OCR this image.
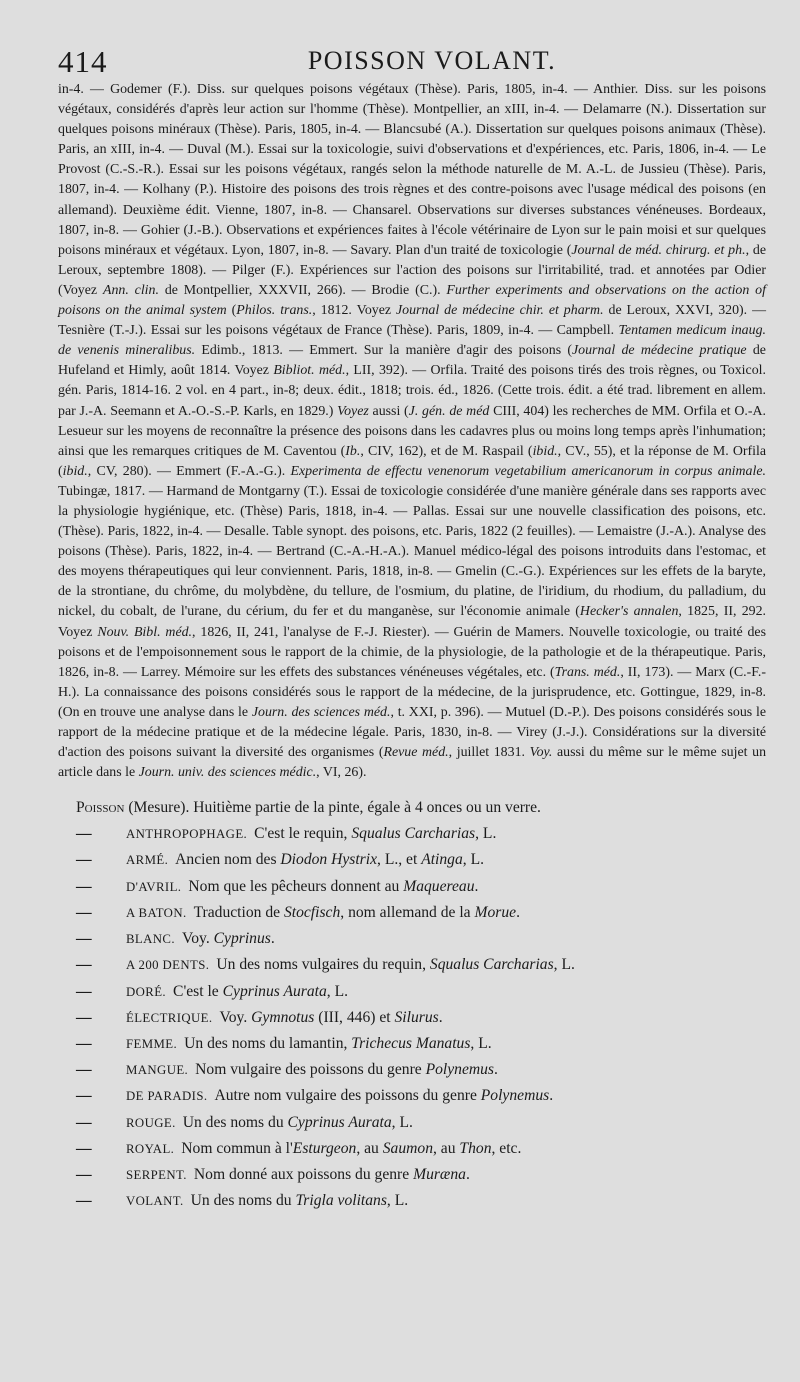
414	POISSON VOLANT.

in-4. — Godemer (F.). Diss. sur quelques poisons végétaux (Thèse). Paris, 1805, in-4. — Anthier. Diss. sur les poisons végétaux, considérés d'après leur action sur l'homme (Thèse). Montpellier, an xIII, in-4. — Delamarre (N.). Dissertation sur quelques poisons minéraux (Thèse). Paris, 1805, in-4. — Blancsubé (A.). Dissertation sur quelques poisons animaux (Thèse). Paris, an xIII, in-4. — Duval (M.). Essai sur la toxicologie, suivi d'observations et d'expériences, etc. Paris, 1806, in-4. — Le Provost (C.-S.-R.). Essai sur les poisons végétaux, rangés selon la méthode naturelle de M. A.-L. de Jussieu (Thèse). Paris, 1807, in-4. — Kolhany (P.). Histoire des poisons des trois règnes et des contre-poisons avec l'usage médical des poisons (en allemand). Deuxième édit. Vienne, 1807, in-8. — Chansarel. Observations sur diverses substances vénéneuses. Bordeaux, 1807, in-8. — Gohier (J.-B.). Observations et expériences faites à l'école vétérinaire de Lyon sur le pain moisi et sur quelques poisons minéraux et végétaux. Lyon, 1807, in-8. — Savary. Plan d'un traité de toxicologie (Journal de méd. chirurg. et ph., de Leroux, septembre 1808). — Pilger (F.). Expériences sur l'action des poisons sur l'irritabilité, trad. et annotées par Odier (Voyez Ann. clin. de Montpellier, XXXVII, 266). — Brodie (C.). Further experiments and observations on the action of poisons on the animal system (Philos. trans., 1812. Voyez Journal de médecine chir. et pharm. de Leroux, XXVI, 320). — Tesnière (T.-J.). Essai sur les poisons végétaux de France (Thèse). Paris, 1809, in-4. — Campbell. Tentamen medicum inaug. de venenis mineralibus. Edimb., 1813. — Emmert. Sur la manière d'agir des poisons (Journal de médecine pratique de Hufeland et Himly, août 1814. Voyez Bibliot. méd., LII, 392). — Orfila. Traité des poisons tirés des trois règnes, ou Toxicol. gén. Paris, 1814-16. 2 vol. en 4 part., in-8; deux. édit., 1818; trois. éd., 1826. (Cette trois. édit. a été trad. librement en allem. par J.-A. Seemann et A.-O.-S.-P. Karls, en 1829.) Voyez aussi (J. gén. de méd CIII, 404) les recherches de MM. Orfila et O.-A. Lesueur sur les moyens de reconnaître la présence des poisons dans les cadavres plus ou moins long temps après l'inhumation; ainsi que les remarques critiques de M. Caventou (Ib., CIV, 162), et de M. Raspail (ibid., CV., 55), et la réponse de M. Orfila (ibid., CV, 280). — Emmert (F.-A.-G.). Experimenta de effectu venenorum vegetabilium americanorum in corpus animale. Tubingæ, 1817. — Harmand de Montgarny (T.). Essai de toxicologie considérée d'une manière générale dans ses rapports avec la physiologie hygiénique, etc. (Thèse) Paris, 1818, in-4. — Pallas. Essai sur une nouvelle classification des poisons, etc. (Thèse). Paris, 1822, in-4. — Desalle. Table synopt. des poisons, etc. Paris, 1822 (2 feuilles). — Lemaistre (J.-A.). Analyse des poisons (Thèse). Paris, 1822, in-4. — Bertrand (C.-A.-H.-A.). Manuel médico-légal des poisons introduits dans l'estomac, et des moyens thérapeutiques qui leur conviennent. Paris, 1818, in-8. — Gmelin (C.-G.). Expériences sur les effets de la baryte, de la strontiane, du chrôme, du molybdène, du tellure, de l'osmium, du platine, de l'iridium, du rhodium, du palladium, du nickel, du cobalt, de l'urane, du cérium, du fer et du manganèse, sur l'économie animale (Hecker's annalen, 1825, II, 292. Voyez Nouv. Bibl. méd., 1826, II, 241, l'analyse de F.-J. Riester). — Guérin de Mamers. Nouvelle toxicologie, ou traité des poisons et de l'empoisonnement sous le rapport de la chimie, de la physiologie, de la pathologie et de la thérapeutique. Paris, 1826, in-8. — Larrey. Mémoire sur les effets des substances vénéneuses végétales, etc. (Trans. méd., II, 173). — Marx (C.-F.-H.). La connaissance des poisons considérés sous le rapport de la médecine, de la jurisprudence, etc. Gottingue, 1829, in-8. (On en trouve une analyse dans le Journ. des sciences méd., t. XXI, p. 396). — Mutuel (D.-P.). Des poisons considérés sous le rapport de la médecine pratique et de la médecine légale. Paris, 1830, in-8. — Virey (J.-J.). Considérations sur la diversité d'action des poisons suivant la diversité des organismes (Revue méd., juillet 1831. Voy. aussi du même sur le même sujet un article dans le Journ. univ. des sciences médic., VI, 26).

Poisson (Mesure). Huitième partie de la pinte, égale à 4 onces ou un verre.

—	ANTHROPOPHAGE. C'est le requin, Squalus Carcharias, L.
—	ARMÉ. Ancien nom des Diodon Hystrix, L., et Atinga, L.
—	D'AVRIL. Nom que les pêcheurs donnent au Maquereau.
—	A BATON. Traduction de Stocfisch, nom allemand de la Morue.
—	BLANC. Voy. Cyprinus.
—	A 200 DENTS. Un des noms vulgaires du requin, Squalus Carcharias, L.
—	DORÉ. C'est le Cyprinus Aurata, L.
—	ÉLECTRIQUE. Voy. Gymnotus (III, 446) et Silurus.
—	FEMME. Un des noms du lamantin, Trichecus Manatus, L.
—	MANGUE. Nom vulgaire des poissons du genre Polynemus.
—	DE PARADIS. Autre nom vulgaire des poissons du genre Polynemus.
—	ROUGE. Un des noms du Cyprinus Aurata, L.
—	ROYAL. Nom commun à l'Esturgeon, au Saumon, au Thon, etc.
—	SERPENT. Nom donné aux poissons du genre Muræna.
—	VOLANT. Un des noms du Trigla volitans, L.
